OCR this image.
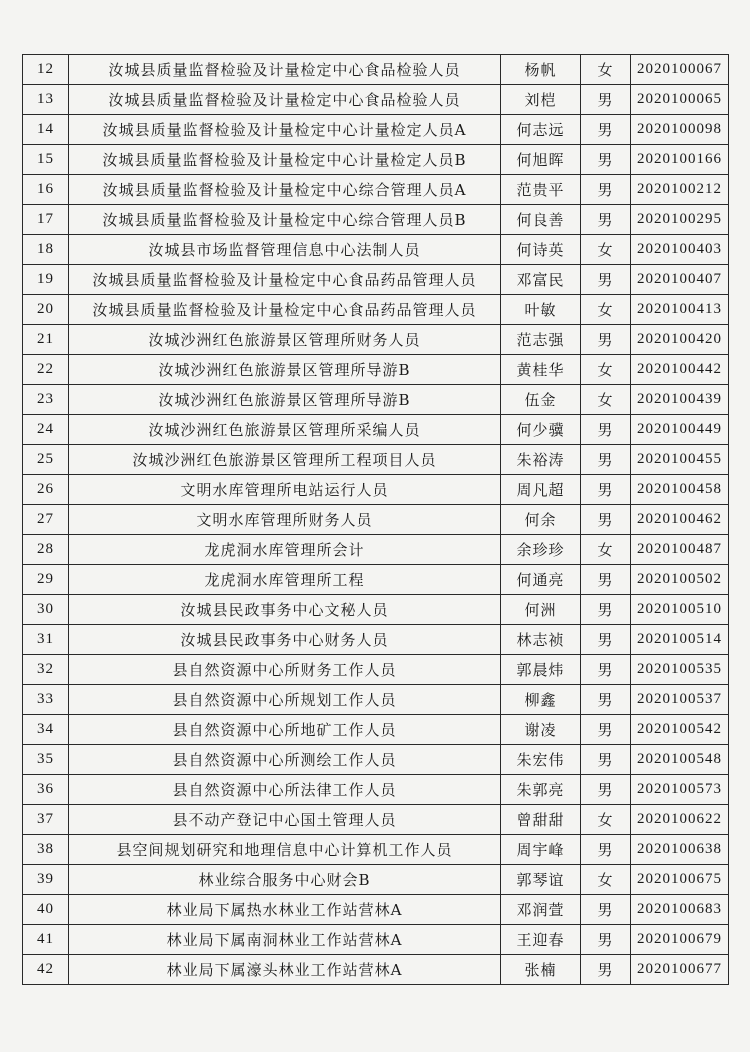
12	汝城县质量监督检验及计量检定中心食品检验人员	杨帆	女	2020100067
13	汝城县质量监督检验及计量检定中心食品检验人员	刘桤	男	2020100065
14	汝城县质量监督检验及计量检定中心计量检定人员A	何志远	男	2020100098
15	汝城县质量监督检验及计量检定中心计量检定人员B	何旭晖	男	2020100166
16	汝城县质量监督检验及计量检定中心综合管理人员A	范贵平	男	2020100212
17	汝城县质量监督检验及计量检定中心综合管理人员B	何良善	男	2020100295
18	汝城县市场监督管理信息中心法制人员	何诗英	女	2020100403
19	汝城县质量监督检验及计量检定中心食品药品管理人员	邓富民	男	2020100407
20	汝城县质量监督检验及计量检定中心食品药品管理人员	叶敏	女	2020100413
21	汝城沙洲红色旅游景区管理所财务人员	范志强	男	2020100420
22	汝城沙洲红色旅游景区管理所导游B	黄桂华	女	2020100442
23	汝城沙洲红色旅游景区管理所导游B	伍金	女	2020100439
24	汝城沙洲红色旅游景区管理所采编人员	何少骥	男	2020100449
25	汝城沙洲红色旅游景区管理所工程项目人员	朱裕涛	男	2020100455
26	文明水库管理所电站运行人员	周凡超	男	2020100458
27	文明水库管理所财务人员	何余	男	2020100462
28	龙虎洞水库管理所会计	余珍珍	女	2020100487
29	龙虎洞水库管理所工程	何通亮	男	2020100502
30	汝城县民政事务中心文秘人员	何洲	男	2020100510
31	汝城县民政事务中心财务人员	林志祯	男	2020100514
32	县自然资源中心所财务工作人员	郭晨炜	男	2020100535
33	县自然资源中心所规划工作人员	柳鑫	男	2020100537
34	县自然资源中心所地矿工作人员	谢凌	男	2020100542
35	县自然资源中心所测绘工作人员	朱宏伟	男	2020100548
36	县自然资源中心所法律工作人员	朱郭亮	男	2020100573
37	县不动产登记中心国土管理人员	曾甜甜	女	2020100622
38	县空间规划研究和地理信息中心计算机工作人员	周宇峰	男	2020100638
39	林业综合服务中心财会B	郭琴谊	女	2020100675
40	林业局下属热水林业工作站营林A	邓润萱	男	2020100683
41	林业局下属南洞林业工作站营林A	王迎春	男	2020100679
42	林业局下属濠头林业工作站营林A	张楠	男	2020100677
